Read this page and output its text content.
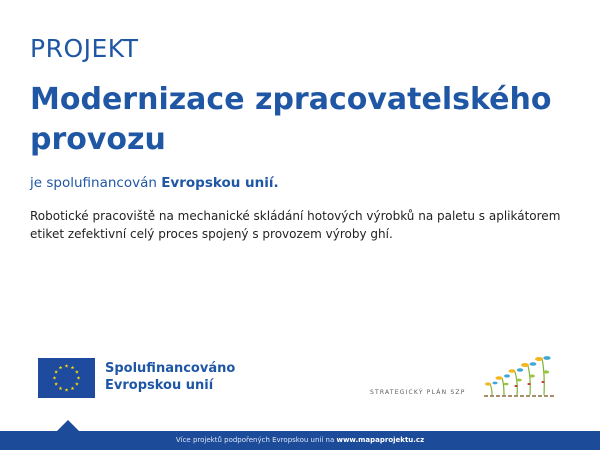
PROJEKT
Modernizace zpracovatelského provozu
je spolufinancován Evropskou unií.
Robotické pracoviště na mechanické skládání hotových výrobků na paletu s aplikátorem etiket zefektivní celý proces spojený s provozem výroby ghí.
Spolufinancováno
Evropskou unií	STRATEGICKÝ PLÁN SZP
Více projektů podpořených Evropskou unií na www.mapaprojektu.cz
